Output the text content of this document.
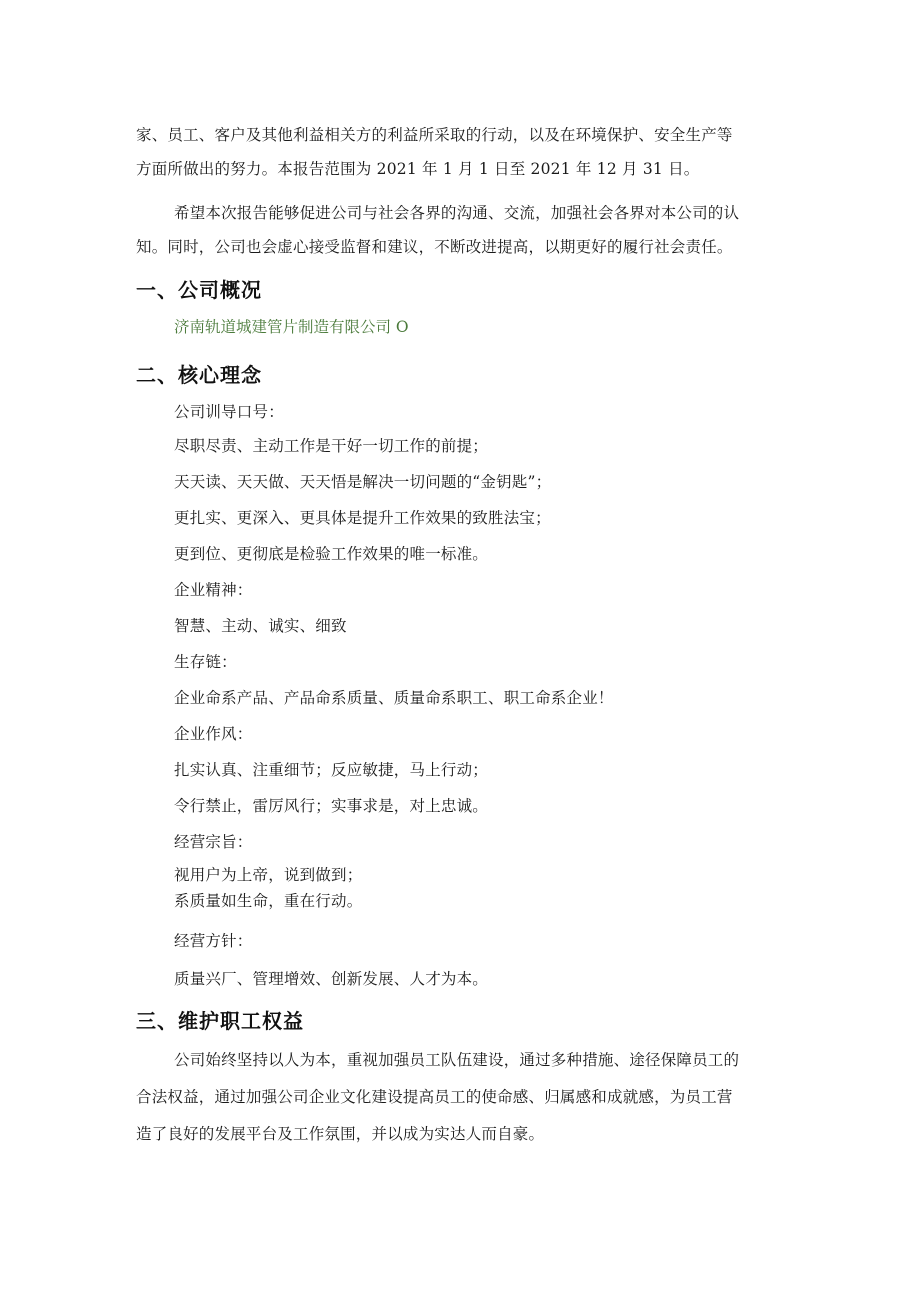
家、员工、客户及其他利益相关方的利益所采取的行动，以及在环境保护、安全生产等

方面所做出的努力。本报告范围为 2021 年 1 月 1 日至 2021 年 12 月 31 日。

希望本次报告能够促进公司与社会各界的沟通、交流，加强社会各界对本公司的认

知。同时，公司也会虚心接受监督和建议，不断改进提高，以期更好的履行社会责任。

一、公司概况

济南轨道城建管片制造有限公司 O

二、核心理念

公司训导口号：

尽职尽责、主动工作是干好一切工作的前提；

天天读、天天做、天天悟是解决一切问题的“金钥匙”；

更扎实、更深入、更具体是提升工作效果的致胜法宝；

更到位、更彻底是检验工作效果的唯一标准。

企业精神：

智慧、主动、诚实、细致

生存链：

企业命系产品、产品命系质量、质量命系职工、职工命系企业！

企业作风：

扎实认真、注重细节；反应敏捷，马上行动；

令行禁止，雷厉风行；实事求是，对上忠诚。

经营宗旨：

视用户为上帝，说到做到；

系质量如生命，重在行动。

经营方针：

质量兴厂、管理增效、创新发展、人才为本。

三、维护职工权益

公司始终坚持以人为本，重视加强员工队伍建设，通过多种措施、途径保障员工的

合法权益，通过加强公司企业文化建设提高员工的使命感、归属感和成就感，为员工营

造了良好的发展平台及工作氛围，并以成为实达人而自豪。
